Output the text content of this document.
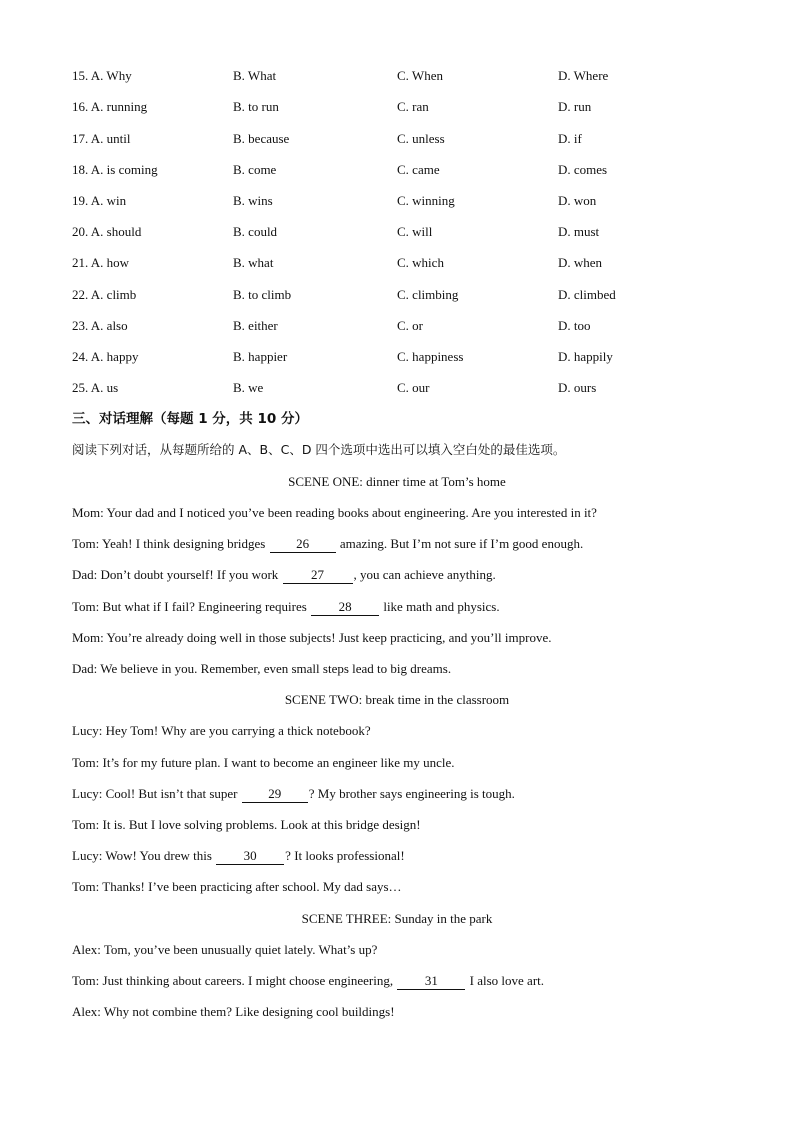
15. A. Why	B. What	C. When	D. Where
16. A. running	B. to run	C. ran	D. run
17. A. until	B. because	C. unless	D. if
18. A. is coming	B. come	C. came	D. comes
19. A. win	B. wins	C. winning	D. won
20. A. should	B. could	C. will	D. must
21. A. how	B. what	C. which	D. when
22. A. climb	B. to climb	C. climbing	D. climbed
23. A. also	B. either	C. or	D. too
24. A. happy	B. happier	C. happiness	D. happily
25. A. us	B. we	C. our	D. ours
三、对话理解（每题 1 分，共 10 分）
阅读下列对话，从每题所给的 A、B、C、D 四个选项中选出可以填入空白处的最佳选项。
SCENE ONE: dinner time at Tom’s home
Mom: Your dad and I noticed you’ve been reading books about engineering. Are you interested in it?
Tom: Yeah! I think designing bridges 26 amazing. But I’m not sure if I’m good enough.
Dad: Don’t doubt yourself! If you work 27 , you can achieve anything.
Tom: But what if I fail? Engineering requires 28 like math and physics.
Mom: You’re already doing well in those subjects! Just keep practicing, and you’ll improve.
Dad: We believe in you. Remember, even small steps lead to big dreams.
SCENE TWO: break time in the classroom
Lucy: Hey Tom! Why are you carrying a thick notebook?
Tom: It’s for my future plan. I want to become an engineer like my uncle.
Lucy: Cool! But isn’t that super 29 ? My brother says engineering is tough.
Tom: It is. But I love solving problems. Look at this bridge design!
Lucy: Wow! You drew this 30 ? It looks professional!
Tom: Thanks! I’ve been practicing after school. My dad says…
SCENE THREE: Sunday in the park
Alex: Tom, you’ve been unusually quiet lately. What’s up?
Tom: Just thinking about careers. I might choose engineering, 31 I also love art.
Alex: Why not combine them? Like designing cool buildings!
